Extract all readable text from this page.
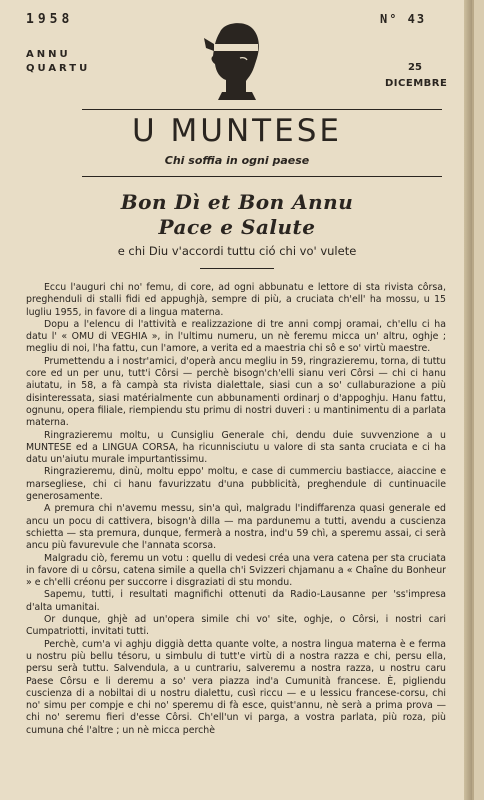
1958
ANNU
QUARTU
N° 43
25
DICEMBRE
U MUNTESE
Chi soffia in ogni paese
Bon Dì et Bon Annu
Pace e Salute
e chi Diu v'accordi tuttu ció chi vo' vulete

Eccu l'auguri chi no' femu, di core, ad ogni abbunatu e lettore di sta rivista côrsa, preghenduli di stalli fidi ed appughjà, sempre di più, a cruciata ch'ell' ha mossu, u 15 lugliu 1955, in favore di a lingua materna.

Dopu a l'elencu di l'attività e realizzazione di tre anni compj oramai, ch'ellu ci ha datu l' « OMU di VEGHIA », in l'ultimu numeru, un nè feremu micca un' altru, oghje ; megliu di noi, l'ha fattu, cun l'amore, a verita ed a maestria chi sô e so' virtù maestre.

Prumettendu a i nostr'amici, d'operà ancu megliu in 59, ringrazieremu, torna, di tuttu core ed un per unu, tutt'i Côrsi — perchè bisogn'ch'elli sianu veri Côrsi — chi ci hanu aiutatu, in 58, a fà campà sta rivista dialettale, siasi cun a so' cullaburazione a più disinteressata, siasi matérialmente cun abbunamenti ordinarj o d'appoghju. Hanu fattu, ognunu, opera filiale, riempiendu stu primu di nostri duveri : u mantinimentu di a parlata materna.

Ringrazieremu moltu, u Cunsigliu Generale chi, dendu duie suvvenzione a u MUNTESE ed a LINGUA CORSA, ha ricunnisciutu u valore di sta santa cruciata e ci ha datu un'aiutu murale impurtantissimu.

Ringrazieremu, dinù, moltu eppo' moltu, e case di cummerciu bastiacce, aiaccine e marsegliese, chi ci hanu favurizzatu d'una pubblicità, preghendule di cuntinuacile generosamente.

A premura chi n'avemu messu, sin'a quì, malgradu l'indiffarenza quasi generale ed ancu un pocu di cattivera, bisogn'à dilla — ma pardunemu a tutti, avendu a cuscienza schietta — sta premura, dunque, fermerà a nostra, ind'u 59 chì, a speremu assai, ci serà ancu più favurevule che l'annata scorsa.

Malgradu ciò, feremu un votu : quellu di vedesi créa una vera catena per sta cruciata in favore di u côrsu, catena simile a quella ch'i Svizzeri chjamanu a « Chaîne du Bonheur » e ch'elli créonu per succorre i disgraziati di stu mondu.

Sapemu, tutti, i resultati magnifichi ottenuti da Radio-Lausanne per 'ss'impresa d'alta umanitai.

Or dunque, ghjè ad un'opera simile chi vo' site, oghje, o Côrsi, i nostri cari Cumpatriotti, invitati tutti.

Perchè, cum'a vi aghju diggià detta quante volte, a nostra lingua materna è e ferma u nostru più bellu tésoru, u simbulu di tutt'e virtù di a nostra razza e chi, persu ella, persu serà tuttu. Salvendula, a u cuntrariu, salveremu a nostra razza, u nostru caru Paese Côrsu e li deremu a so' vera piazza ind'a Cumunità francese. È, pigliendu cuscienza di a nobiltai di u nostru dialettu, cusì riccu — e u lessicu francese-corsu, chi no' simu per compje e chi no' speremu di fà esce, quist'annu, nè serà a prima prova — chi no' seremu fieri d'esse Côrsi. Ch'ell'un vi parga, a vostra parlata, più roza, più cumuna ché l'altre ; un nè micca perchè
